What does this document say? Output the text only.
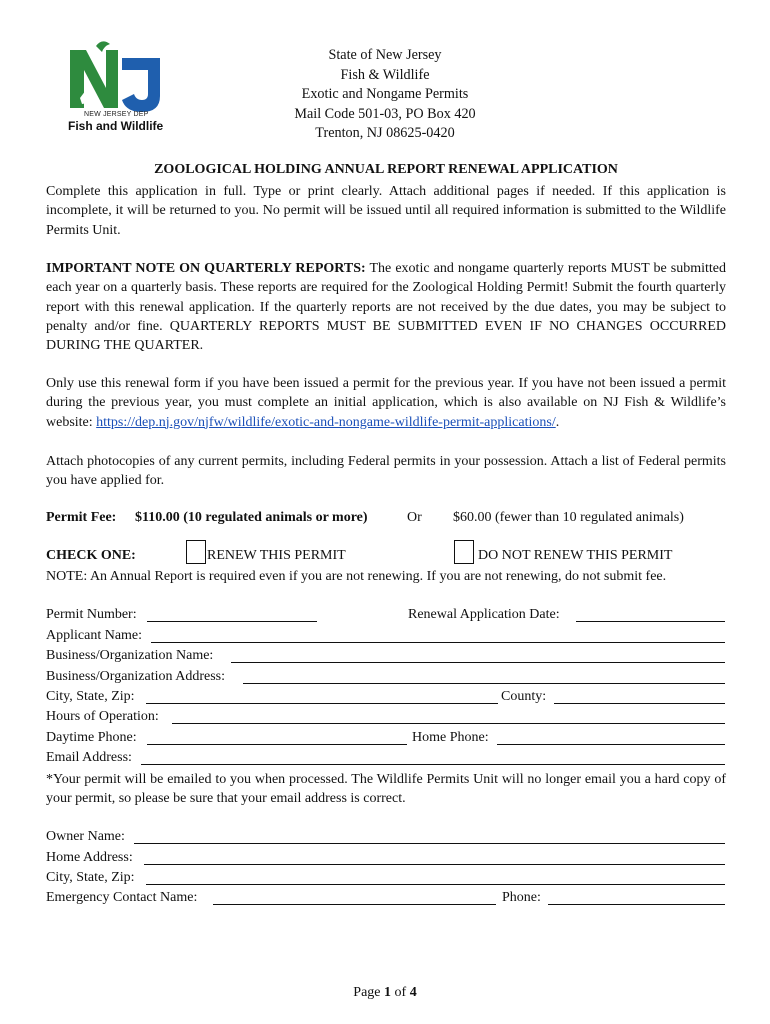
NEW JERSEY DEP
Fish and Wildlife
State of New Jersey
Fish & Wildlife
Exotic and Nongame Permits
Mail Code 501-03, PO Box 420
Trenton, NJ 08625-0420
ZOOLOGICAL HOLDING ANNUAL REPORT RENEWAL APPLICATION
Complete this application in full. Type or print clearly. Attach additional pages if needed. If this application is incomplete, it will be returned to you. No permit will be issued until all required information is submitted to the Wildlife Permits Unit.
IMPORTANT NOTE ON QUARTERLY REPORTS: The exotic and nongame quarterly reports MUST be submitted each year on a quarterly basis. These reports are required for the Zoological Holding Permit! Submit the fourth quarterly report with this renewal application. If the quarterly reports are not received by the due dates, you may be subject to penalty and/or fine. QUARTERLY REPORTS MUST BE SUBMITTED EVEN IF NO CHANGES OCCURRED DURING THE QUARTER.
Only use this renewal form if you have been issued a permit for the previous year. If you have not been issued a permit during the previous year, you must complete an initial application, which is also available on NJ Fish & Wildlife’s website: https://dep.nj.gov/njfw/wildlife/exotic-and-nongame-wildlife-permit-applications/.
Attach photocopies of any current permits, including Federal permits in your possession. Attach a list of Federal permits you have applied for.
Permit Fee: $110.00 (10 regulated animals or more)	Or $60.00 (fewer than 10 regulated animals)
CHECK ONE:	RENEW THIS PERMIT	DO NOT RENEW THIS PERMIT
NOTE: An Annual Report is required even if you are not renewing. If you are not renewing, do not submit fee.
Permit Number:	Renewal Application Date:
Applicant Name:
Business/Organization Name:
Business/Organization Address:
City, State, Zip:	County:
Hours of Operation:
Daytime Phone:	Home Phone:
Email Address:
*Your permit will be emailed to you when processed. The Wildlife Permits Unit will no longer email you a hard copy of your permit, so please be sure that your email address is correct.
Owner Name:
Home Address:
City, State, Zip:
Emergency Contact Name:	Phone:
Page 1 of 4
